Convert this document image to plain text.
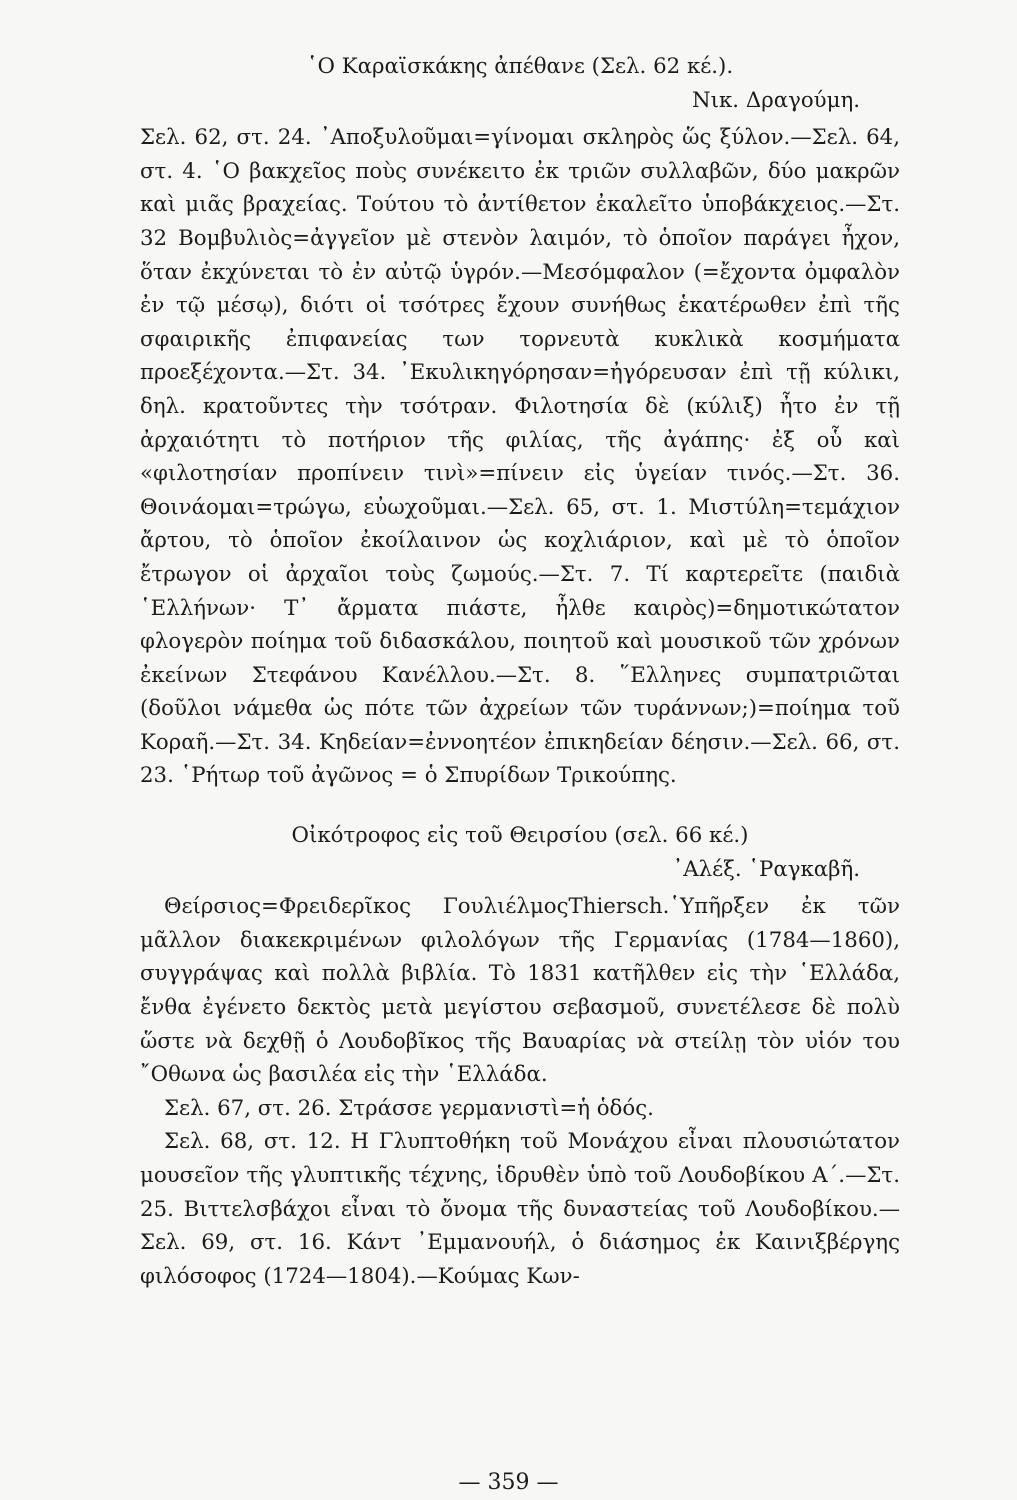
῾Ο Καραϊσκάκης ἀπέθανε (Σελ. 62 κέ.).

Νικ. Δραγούμη.

Σελ. 62, στ. 24. ᾿Αποξυλοῦμαι=γίνομαι σκληρὸς ὥς ξύλον.—Σελ. 64, στ. 4. ῾Ο βακχεῖος ποὺς συνέκειτο ἐκ τριῶν συλλαβῶν, δύο μακρῶν καὶ μιᾶς βραχείας. Τούτου τὸ ἀντίθετον ἐκαλεῖτο ὑποβάκχειος.—Στ. 32 Βομβυλιὸς=ἀγγεῖον μὲ στενὸν λαιμόν, τὸ ὁποῖον παράγει ἦχον, ὅταν ἐκχύνεται τὸ ἐν αὐτῷ ὑγρόν.—Μεσόμφαλον (=ἔχοντα ὀμφαλὸν ἐν τῷ μέσῳ), διότι οἱ τσότρες ἔχουν συνήθως ἑκατέρωθεν ἐπὶ τῆς σφαιρικῆς ἐπιφανείας των τορνευτὰ κυκλικὰ κοσμήματα προεξέχοντα.—Στ. 34. ᾿Εκυλικηγόρησαν=ἠγόρευσαν ἐπὶ τῇ κύλικι, δηλ. κρατοῦντες τὴν τσότραν. Φιλοτησία δὲ (κύλιξ) ἦτο ἐν τῇ ἀρχαιότητι τὸ ποτήριον τῆς φιλίας, τῆς ἀγάπης· ἐξ οὗ καὶ «φιλοτησίαν προπίνειν τινὶ»=πίνειν εἰς ὑγείαν τινός.—Στ. 36. Θοινάομαι=τρώγω, εὐωχοῦμαι.—Σελ. 65, στ. 1. Μιστύλη=τεμάχιον ἄρτου, τὸ ὁποῖον ἐκοίλαινον ὡς κοχλιάριον, καὶ μὲ τὸ ὁποῖον ἔτρωγον οἱ ἀρχαῖοι τοὺς ζωμούς.—Στ. 7. Τί καρτερεῖτε (παιδιὰ ῾Ελλήνων· Τ᾿ ἄρματα πιάστε, ἦλθε καιρὸς)=δημοτικώτατον φλογερὸν ποίημα τοῦ διδασκάλου, ποιητοῦ καὶ μουσικοῦ τῶν χρόνων ἐκείνων Στεφάνου Κανέλλου.—Στ. 8. ῞Ελληνες συμπατριῶται (δοῦλοι νάμεθα ὡς πότε τῶν ἀχρείων τῶν τυράννων;)=ποίημα τοῦ Κοραῆ.—Στ. 34. Κηδείαν=ἐννοητέον ἐπικηδείαν δέησιν.—Σελ. 66, στ. 23. ῾Ρήτωρ τοῦ ἀγῶνος = ὁ Σπυρίδων Τρικούπης.

Οἰκότροφος εἰς τοῦ Θειρσίου (σελ. 66 κέ.)

᾿Αλέξ. ῾Ραγκαβῆ.

Θείρσιος=Φρειδερῖκος ΓουλιέλμοςThiersch.῾Υπῆρξεν ἐκ τῶν μᾶλλον διακεκριμένων φιλολόγων τῆς Γερμανίας (1784—1860), συγγράψας καὶ πολλὰ βιβλία. Τὸ 1831 κατῆλθεν εἰς τὴν ῾Ελλάδα, ἔνθα ἐγένετο δεκτὸς μετὰ μεγίστου σεβασμοῦ, συνετέλεσε δὲ πολὺ ὥστε νὰ δεχθῇ ὁ Λουδοβῖκος τῆς Βαυαρίας νὰ στείλῃ τὸν υἱόν του ῎Οθωνα ὡς βασιλέα εἰς τὴν ῾Ελλάδα.

Σελ. 67, στ. 26. Στράσσε γερμανιστὶ=ἡ ὁδός.

Σελ. 68, στ. 12. Η Γλυπτοθήκη τοῦ Μονάχου εἶναι πλουσιώτατον μουσεῖον τῆς γλυπτικῆς τέχνης, ἱδρυθὲν ὑπὸ τοῦ Λουδοβίκου Α΄.—Στ. 25. Βιττελσβάχοι εἶναι τὸ ὄνομα τῆς δυναστείας τοῦ Λουδοβίκου.—Σελ. 69, στ. 16. Κάντ ᾿Εμμανουήλ, ὁ διάσημος ἐκ Καινιξβέργης φιλόσοφος (1724—1804).—Κούμας Κων-

— 359 —
